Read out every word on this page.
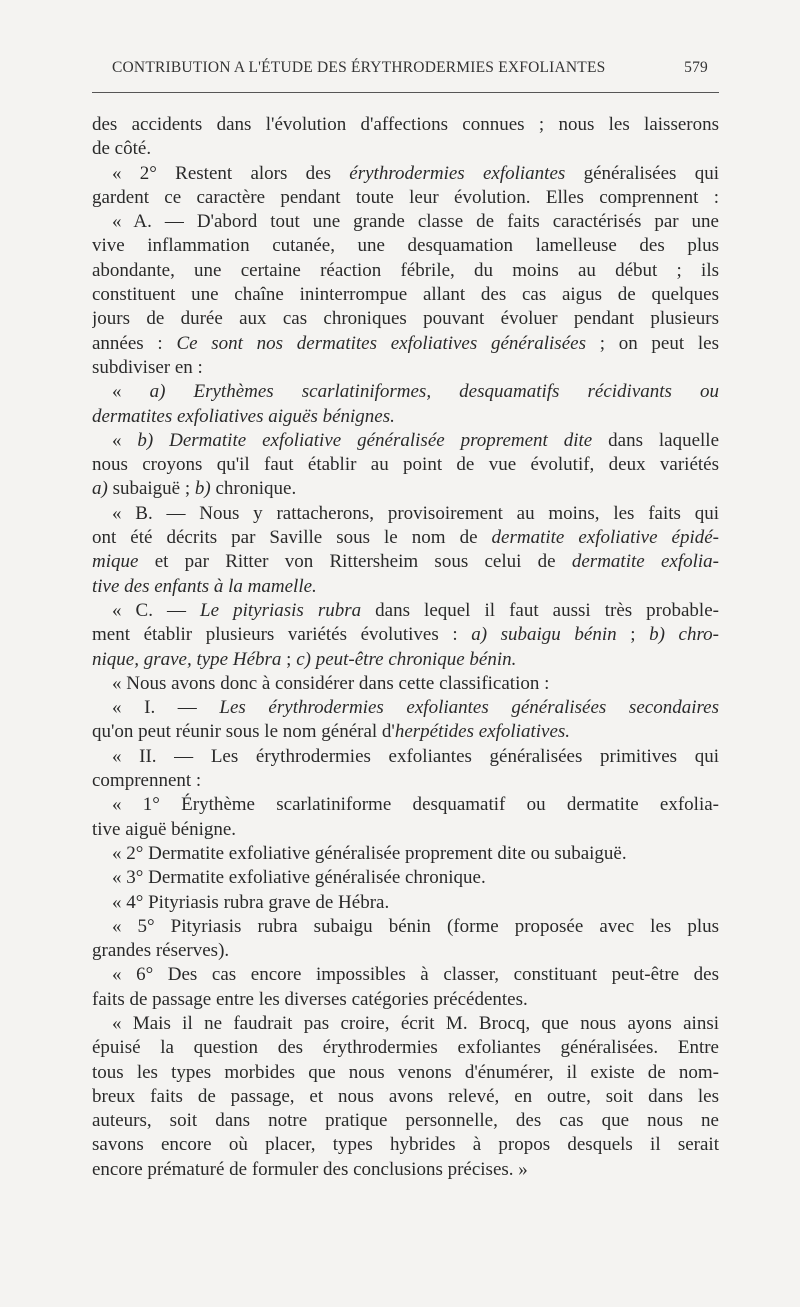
CONTRIBUTION A L'ÉTUDE DES ÉRYTHRODERMIES EXFOLIANTES	579
des accidents dans l'évolution d'affections connues ; nous les laisserons
de côté.
« 2° Restent alors des érythrodermies exfoliantes généralisées qui
gardent ce caractère pendant toute leur évolution. Elles comprennent :
« A. — D'abord tout une grande classe de faits caractérisés par une
vive inflammation cutanée, une desquamation lamelleuse des plus
abondante, une certaine réaction fébrile, du moins au début ; ils
constituent une chaîne ininterrompue allant des cas aigus de quelques
jours de durée aux cas chroniques pouvant évoluer pendant plusieurs
années : Ce sont nos dermatites exfoliatives généralisées ; on peut les
subdiviser en :
« a) Erythèmes scarlatiniformes, desquamatifs récidivants ou
dermatites exfoliatives aiguës bénignes.
« b) Dermatite exfoliative généralisée proprement dite dans laquelle
nous croyons qu'il faut établir au point de vue évolutif, deux variétés
a) subaiguë ; b) chronique.
« B. — Nous y rattacherons, provisoirement au moins, les faits qui
ont été décrits par Saville sous le nom de dermatite exfoliative épidé-
mique et par Ritter von Rittersheim sous celui de dermatite exfolia-
tive des enfants à la mamelle.
« C. — Le pityriasis rubra dans lequel il faut aussi très probable-
ment établir plusieurs variétés évolutives : a) subaigu bénin ; b) chro-
nique, grave, type Hébra ; c) peut-être chronique bénin.
« Nous avons donc à considérer dans cette classification :
« I. — Les érythrodermies exfoliantes généralisées secondaires
qu'on peut réunir sous le nom général d'herpétides exfoliatives.
« II. — Les érythrodermies exfoliantes généralisées primitives qui
comprennent :
« 1° Érythème scarlatiniforme desquamatif ou dermatite exfolia-
tive aiguë bénigne.
« 2° Dermatite exfoliative généralisée proprement dite ou subaiguë.
« 3° Dermatite exfoliative généralisée chronique.
« 4° Pityriasis rubra grave de Hébra.
« 5° Pityriasis rubra subaigu bénin (forme proposée avec les plus
grandes réserves).
« 6° Des cas encore impossibles à classer, constituant peut-être des
faits de passage entre les diverses catégories précédentes.
« Mais il ne faudrait pas croire, écrit M. Brocq, que nous ayons ainsi
épuisé la question des érythrodermies exfoliantes généralisées. Entre
tous les types morbides que nous venons d'énumérer, il existe de nom-
breux faits de passage, et nous avons relevé, en outre, soit dans les
auteurs, soit dans notre pratique personnelle, des cas que nous ne
savons encore où placer, types hybrides à propos desquels il serait
encore prématuré de formuler des conclusions précises. »
